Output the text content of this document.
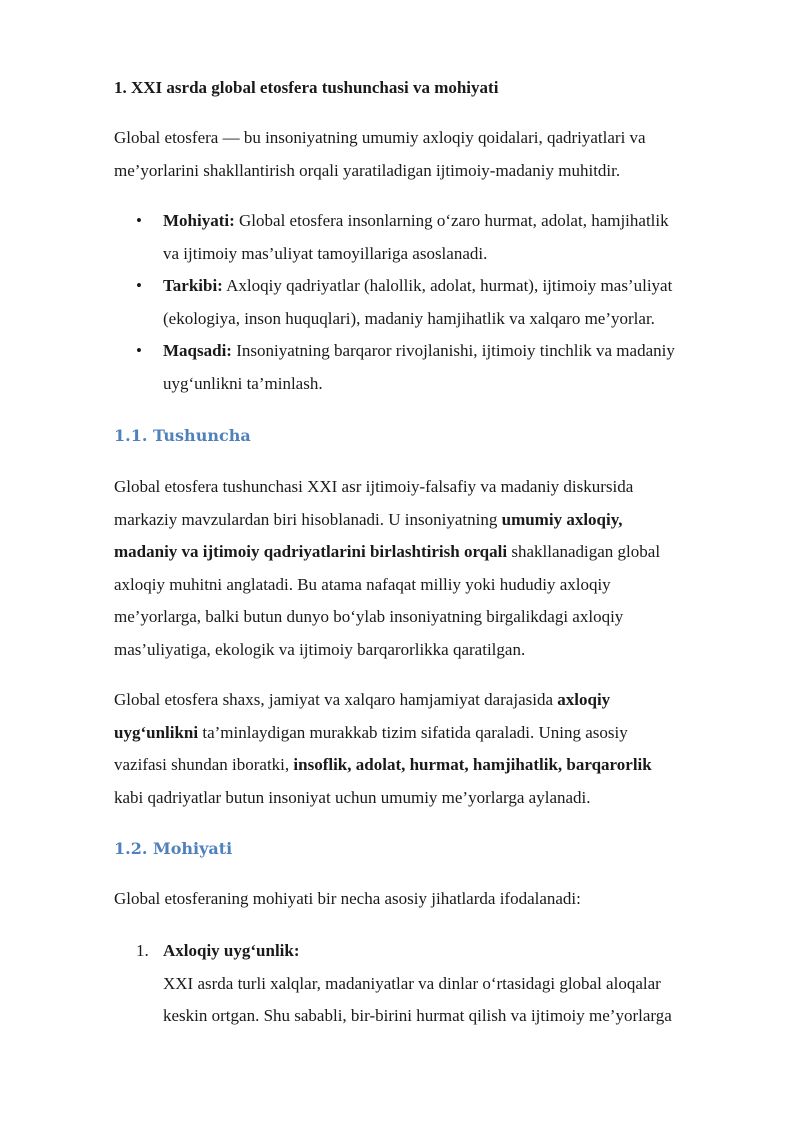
1. XXI asrda global etosfera tushunchasi va mohiyati
Global etosfera — bu insoniyatning umumiy axloqiy qoidalari, qadriyatlari va
me’yorlarini shakllantirish orqali yaratiladigan ijtimoiy-madaniy muhitdir.
• Mohiyati: Global etosfera insonlarning o‘zaro hurmat, adolat, hamjihatlik
va ijtimoiy mas’uliyat tamoyillariga asoslanadi.
• Tarkibi: Axloqiy qadriyatlar (halollik, adolat, hurmat), ijtimoiy mas’uliyat
(ekologiya, inson huquqlari), madaniy hamjihatlik va xalqaro me’yorlar.
• Maqsadi: Insoniyatning barqaror rivojlanishi, ijtimoiy tinchlik va madaniy
uyg‘unlikni ta’minlash.
1.1. Tushuncha
Global etosfera tushunchasi XXI asr ijtimoiy-falsafiy va madaniy diskursida
markaziy mavzulardan biri hisoblanadi. U insoniyatning umumiy axloqiy,
madaniy va ijtimoiy qadriyatlarini birlashtirish orqali shakllanadigan global
axloqiy muhitni anglatadi. Bu atama nafaqat milliy yoki hududiy axloqiy
me’yorlarga, balki butun dunyo bo‘ylab insoniyatning birgalikdagi axloqiy
mas’uliyatiga, ekologik va ijtimoiy barqarorlikka qaratilgan.
Global etosfera shaxs, jamiyat va xalqaro hamjamiyat darajasida axloqiy
uyg‘unlikni ta’minlaydigan murakkab tizim sifatida qaraladi. Uning asosiy
vazifasi shundan iboratki, insoflik, adolat, hurmat, hamjihatlik, barqarorlik
kabi qadriyatlar butun insoniyat uchun umumiy me’yorlarga aylanadi.
1.2. Mohiyati
Global etosferaning mohiyati bir necha asosiy jihatlarda ifodalanadi:
1. Axloqiy uyg‘unlik:
XXI asrda turli xalqlar, madaniyatlar va dinlar o‘rtasidagi global aloqalar
keskin ortgan. Shu sababli, bir-birini hurmat qilish va ijtimoiy me’yorlarga
